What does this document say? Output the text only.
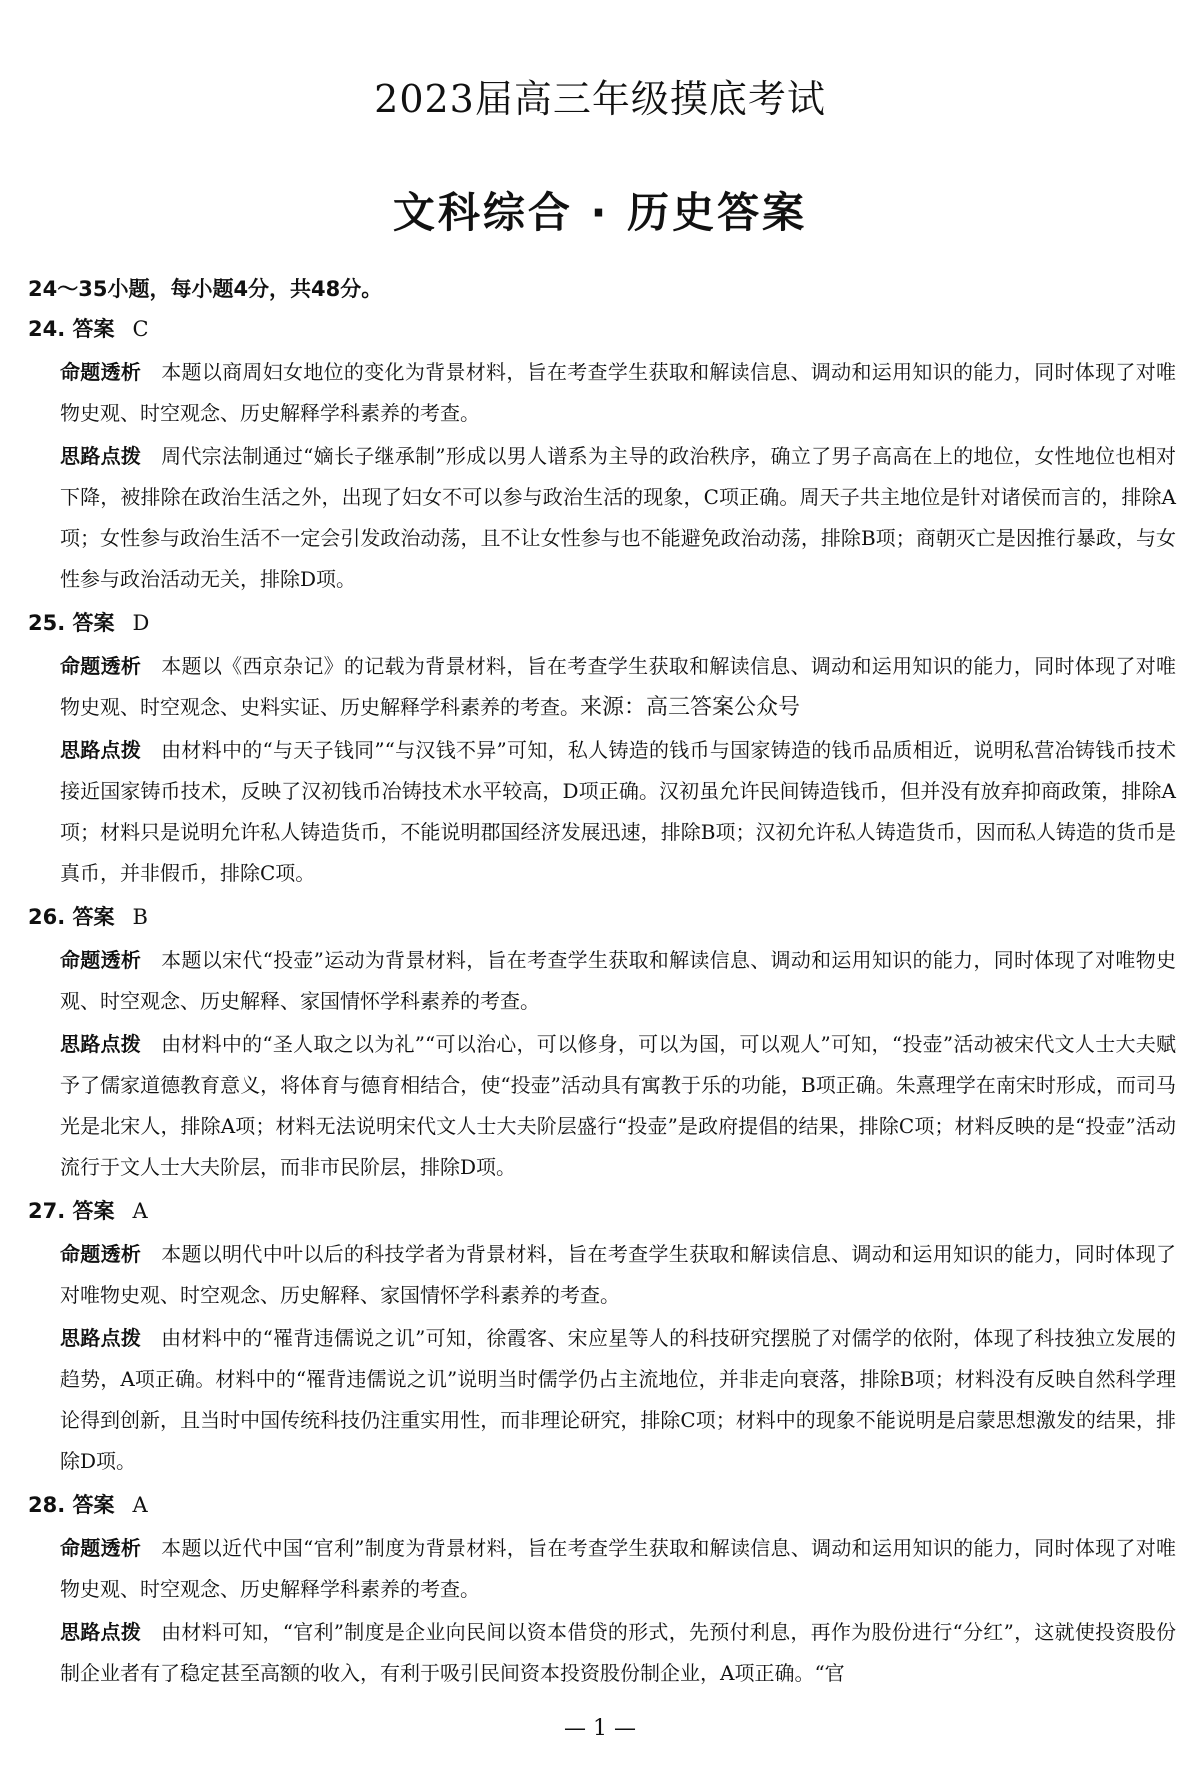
2023届高三年级摸底考试
文科综合 · 历史答案
24～35小题，每小题4分，共48分。
24. 答案 C
命题透析 本题以商周妇女地位的变化为背景材料，旨在考查学生获取和解读信息、调动和运用知识的能力，同时体现了对唯物史观、时空观念、历史解释学科素养的考查。
思路点拨 周代宗法制通过“嫡长子继承制”形成以男人谱系为主导的政治秩序，确立了男子高高在上的地位，女性地位也相对下降，被排除在政治生活之外，出现了妇女不可以参与政治生活的现象，C项正确。周天子共主地位是针对诸侯而言的，排除A项；女性参与政治生活不一定会引发政治动荡，且不让女性参与也不能避免政治动荡，排除B项；商朝灭亡是因推行暴政，与女性参与政治活动无关，排除D项。
25. 答案 D
命题透析 本题以《西京杂记》的记载为背景材料，旨在考查学生获取和解读信息、调动和运用知识的能力，同时体现了对唯物史观、时空观念、史料实证、历史解释学科素养的考查。来源：高三答案公众号
思路点拨 由材料中的“与天子钱同”“与汉钱不异”可知，私人铸造的钱币与国家铸造的钱币品质相近，说明私营冶铸钱币技术接近国家铸币技术，反映了汉初钱币冶铸技术水平较高，D项正确。汉初虽允许民间铸造钱币，但并没有放弃抑商政策，排除A项；材料只是说明允许私人铸造货币，不能说明郡国经济发展迅速，排除B项；汉初允许私人铸造货币，因而私人铸造的货币是真币，并非假币，排除C项。
26. 答案 B
命题透析 本题以宋代“投壶”运动为背景材料，旨在考查学生获取和解读信息、调动和运用知识的能力，同时体现了对唯物史观、时空观念、历史解释、家国情怀学科素养的考查。
思路点拨 由材料中的“圣人取之以为礼”“可以治心，可以修身，可以为国，可以观人”可知，“投壶”活动被宋代文人士大夫赋予了儒家道德教育意义，将体育与德育相结合，使“投壶”活动具有寓教于乐的功能，B项正确。朱熹理学在南宋时形成，而司马光是北宋人，排除A项；材料无法说明宋代文人士大夫阶层盛行“投壶”是政府提倡的结果，排除C项；材料反映的是“投壶”活动流行于文人士大夫阶层，而非市民阶层，排除D项。
27. 答案 A
命题透析 本题以明代中叶以后的科技学者为背景材料，旨在考查学生获取和解读信息、调动和运用知识的能力，同时体现了对唯物史观、时空观念、历史解释、家国情怀学科素养的考查。
思路点拨 由材料中的“罹背违儒说之讥”可知，徐霞客、宋应星等人的科技研究摆脱了对儒学的依附，体现了科技独立发展的趋势，A项正确。材料中的“罹背违儒说之讥”说明当时儒学仍占主流地位，并非走向衰落，排除B项；材料没有反映自然科学理论得到创新，且当时中国传统科技仍注重实用性，而非理论研究，排除C项；材料中的现象不能说明是启蒙思想激发的结果，排除D项。
28. 答案 A
命题透析 本题以近代中国“官利”制度为背景材料，旨在考查学生获取和解读信息、调动和运用知识的能力，同时体现了对唯物史观、时空观念、历史解释学科素养的考查。
思路点拨 由材料可知，“官利”制度是企业向民间以资本借贷的形式，先预付利息，再作为股份进行“分红”，这就使投资股份制企业者有了稳定甚至高额的收入，有利于吸引民间资本投资股份制企业，A项正确。“官
— 1 —
